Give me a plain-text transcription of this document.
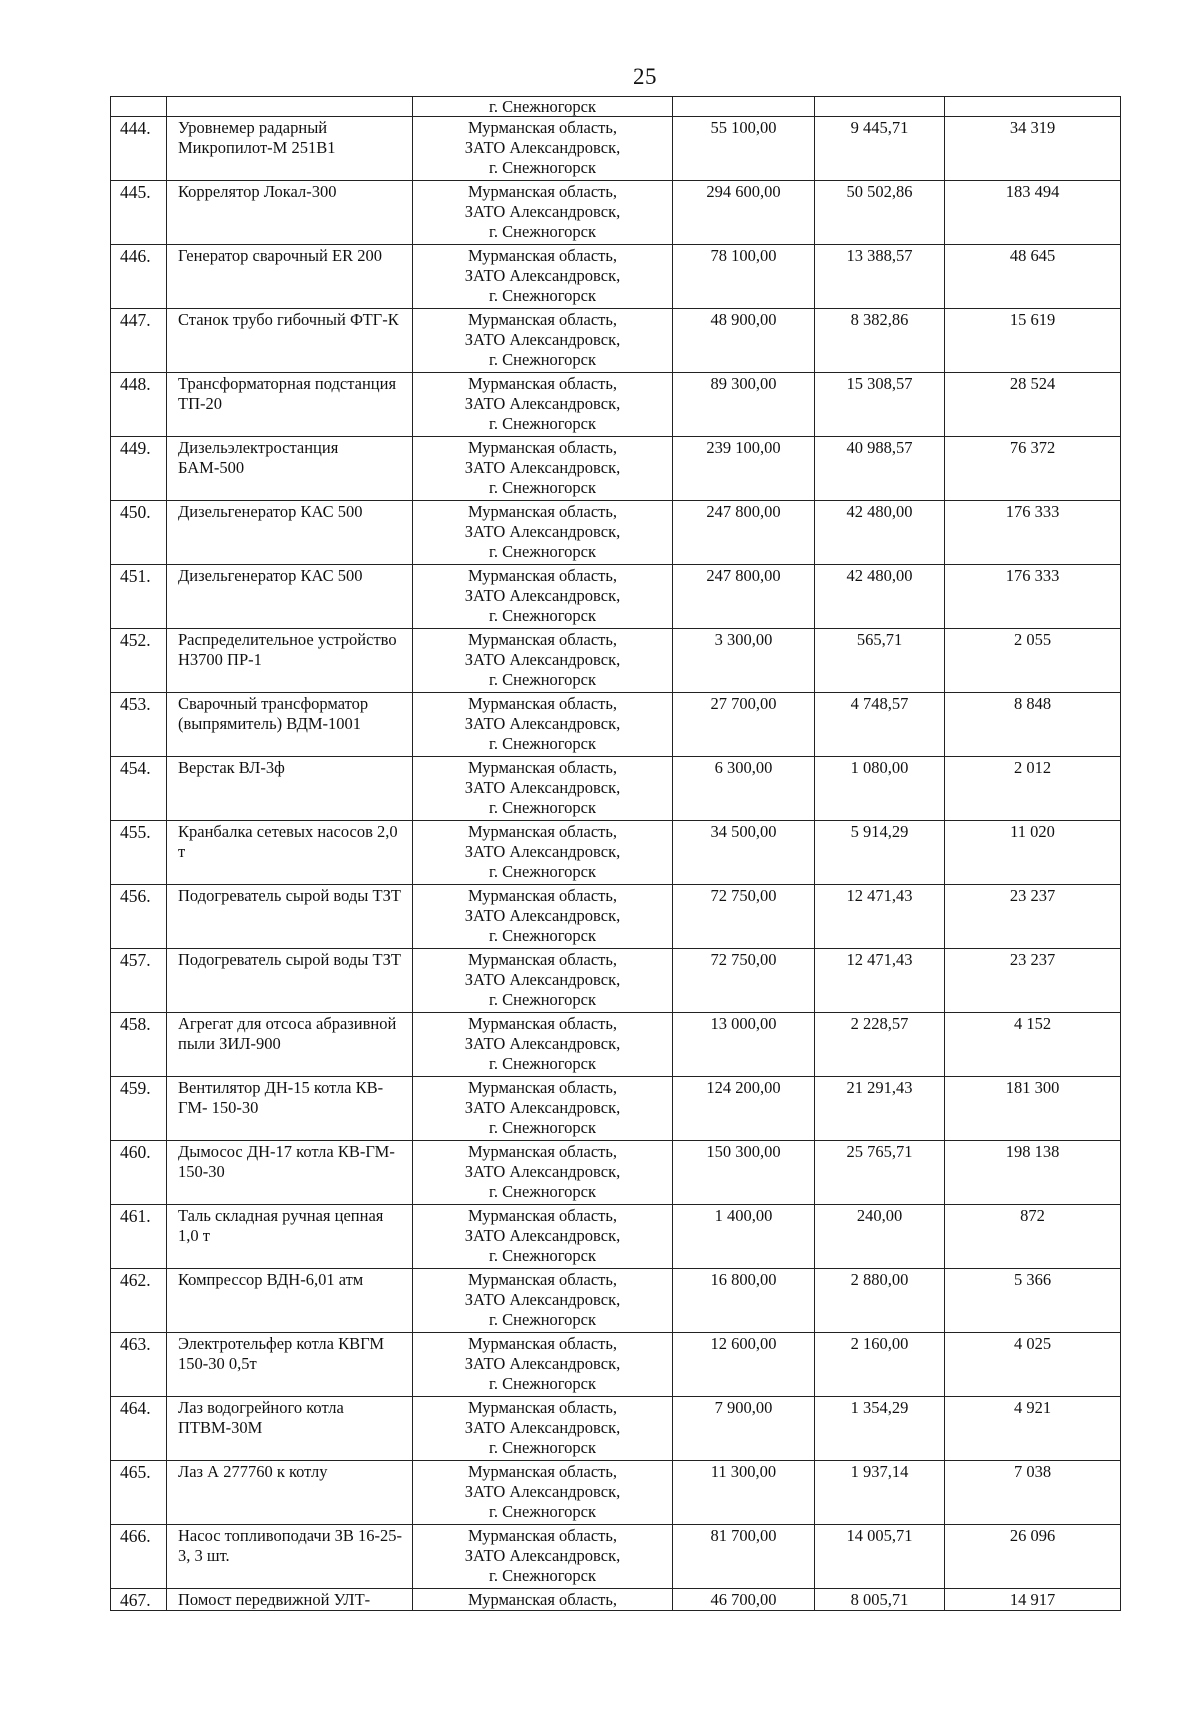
25
		г. Снежногорск			
444.	Уровнемер радарный Микропилот-М 251В1	Мурманская область,
ЗАТО Александровск,
г. Снежногорск	55 100,00	9 445,71	34 319
445.	Коррелятор Локал-300	Мурманская область,
ЗАТО Александровск,
г. Снежногорск	294 600,00	50 502,86	183 494
446.	Генератор сварочный ER 200	Мурманская область,
ЗАТО Александровск,
г. Снежногорск	78 100,00	13 388,57	48 645
447.	Станок трубо гибочный ФТГ-К	Мурманская область,
ЗАТО Александровск,
г. Снежногорск	48 900,00	8 382,86	15 619
448.	Трансформаторная подстанция ТП-20	Мурманская область,
ЗАТО Александровск,
г. Снежногорск	89 300,00	15 308,57	28 524
449.	Дизельэлектростанция БАМ-500	Мурманская область,
ЗАТО Александровск,
г. Снежногорск	239 100,00	40 988,57	76 372
450.	Дизельгенератор КАС 500	Мурманская область,
ЗАТО Александровск,
г. Снежногорск	247 800,00	42 480,00	176 333
451.	Дизельгенератор КАС 500	Мурманская область,
ЗАТО Александровск,
г. Снежногорск	247 800,00	42 480,00	176 333
452.	Распределительное устройство Н3700 ПР-1	Мурманская область,
ЗАТО Александровск,
г. Снежногорск	3 300,00	565,71	2 055
453.	Сварочный трансформатор (выпрямитель) ВДМ-1001	Мурманская область,
ЗАТО Александровск,
г. Снежногорск	27 700,00	4 748,57	8 848
454.	Верстак ВЛ-3ф	Мурманская область,
ЗАТО Александровск,
г. Снежногорск	6 300,00	1 080,00	2 012
455.	Кранбалка сетевых насосов 2,0 т	Мурманская область,
ЗАТО Александровск,
г. Снежногорск	34 500,00	5 914,29	11 020
456.	Подогреватель сырой воды ТЗТ	Мурманская область,
ЗАТО Александровск,
г. Снежногорск	72 750,00	12 471,43	23 237
457.	Подогреватель сырой воды ТЗТ	Мурманская область,
ЗАТО Александровск,
г. Снежногорск	72 750,00	12 471,43	23 237
458.	Агрегат для отсоса абразивной пыли ЗИЛ-900	Мурманская область,
ЗАТО Александровск,
г. Снежногорск	13 000,00	2 228,57	4 152
459.	Вентилятор ДН-15 котла КВ-ГМ- 150-30	Мурманская область,
ЗАТО Александровск,
г. Снежногорск	124 200,00	21 291,43	181 300
460.	Дымосос ДН-17 котла КВ-ГМ- 150-30	Мурманская область,
ЗАТО Александровск,
г. Снежногорск	150 300,00	25 765,71	198 138
461.	Таль складная ручная цепная 1,0 т	Мурманская область,
ЗАТО Александровск,
г. Снежногорск	1 400,00	240,00	872
462.	Компрессор ВДН-6,01 атм	Мурманская область,
ЗАТО Александровск,
г. Снежногорск	16 800,00	2 880,00	5 366
463.	Электротельфер котла КВГМ 150-30 0,5т	Мурманская область,
ЗАТО Александровск,
г. Снежногорск	12 600,00	2 160,00	4 025
464.	Лаз водогрейного котла ПТВМ-30М	Мурманская область,
ЗАТО Александровск,
г. Снежногорск	7 900,00	1 354,29	4 921
465.	Лаз А 277760 к котлу	Мурманская область,
ЗАТО Александровск,
г. Снежногорск	11 300,00	1 937,14	7 038
466.	Насос топливоподачи ЗВ 16-25-3, 3 шт.	Мурманская область,
ЗАТО Александровск,
г. Снежногорск	81 700,00	14 005,71	26 096
467.	Помост передвижной УЛТ-	Мурманская область,	46 700,00	8 005,71	14 917
